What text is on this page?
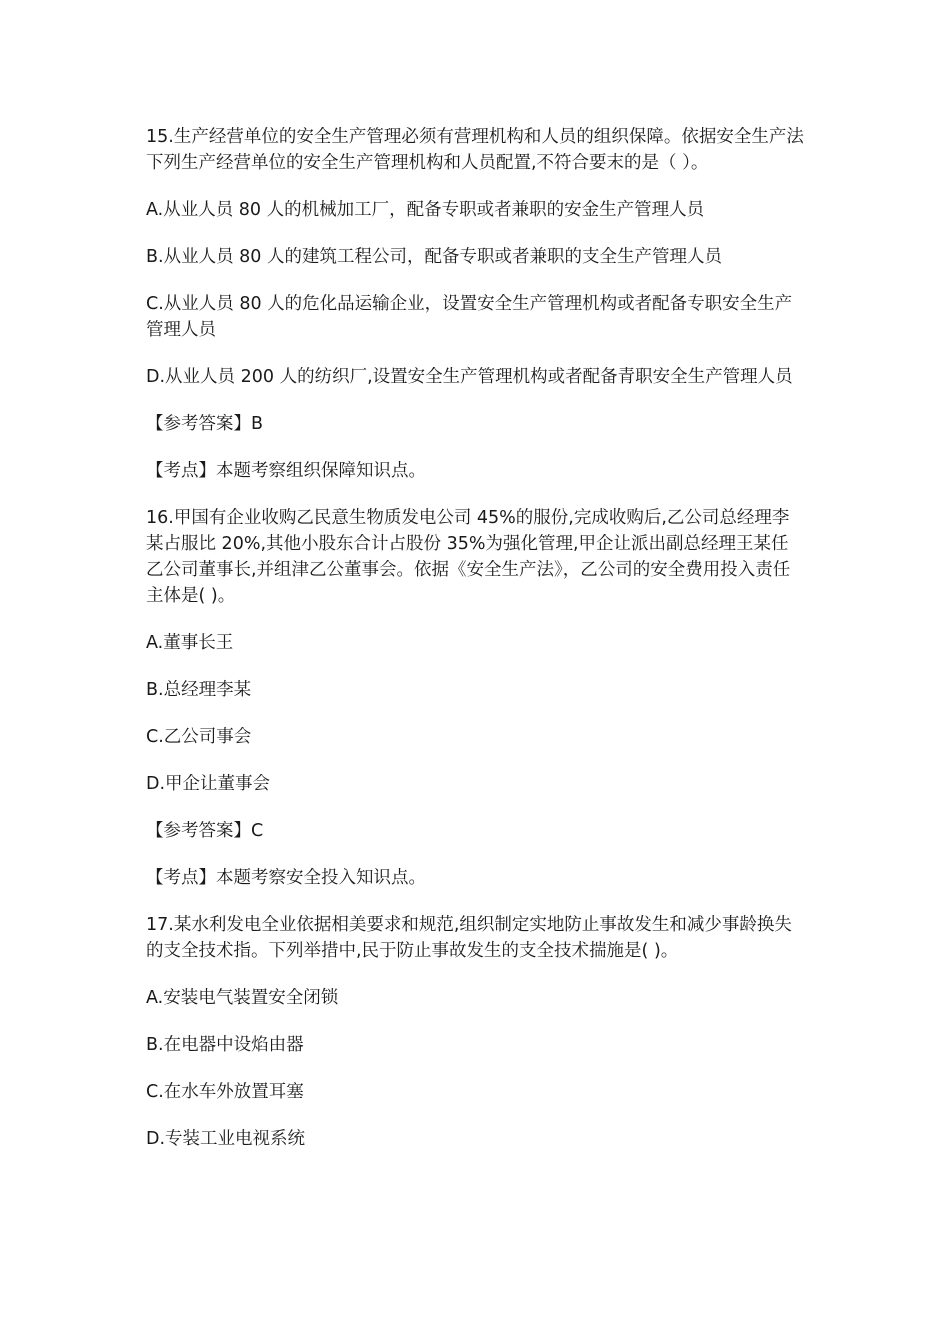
15.生产经营单位的安全生产管理必须有营理机构和人员的组织保障。依据安全生产法下列生产经营单位的安全生产管理机构和人员配置,不符合要末的是（ ）。

A.从业人员 80 人的机械加工厂，配备专职或者兼职的安金生产管理人员

B.从业人员 80 人的建筑工程公司，配备专职或者兼职的支全生产管理人员

C.从业人员 80 人的危化品运输企业，设置安全生产管理机构或者配备专职安全生产管理人员

D.从业人员 200 人的纺织厂,设置安全生产管理机构或者配备青职安全生产管理人员

【参考答案】B

【考点】本题考察组织保障知识点。

16.甲国有企业收购乙民意生物质发电公司 45%的服份,完成收购后,乙公司总经理李某占服比 20%,其他小股东合计占股份 35%为强化管理,甲企让派出副总经理王某任乙公司董事长,并组津乙公董事会。依据《安全生产法》，乙公司的安全费用投入责任主体是( )。

A.董事长王

B.总经理李某

C.乙公司事会

D.甲企让董事会

【参考答案】C

【考点】本题考察安全投入知识点。

17.某水利发电全业依据相美要求和规范,组织制定实地防止事故发生和减少事龄换失的支全技术指。下列举措中,民于防止事故发生的支全技术揣施是( )。

A.安装电气装置安全闭锁

B.在电器中设焰由器

C.在水车外放置耳塞

D.专装工业电视系统
